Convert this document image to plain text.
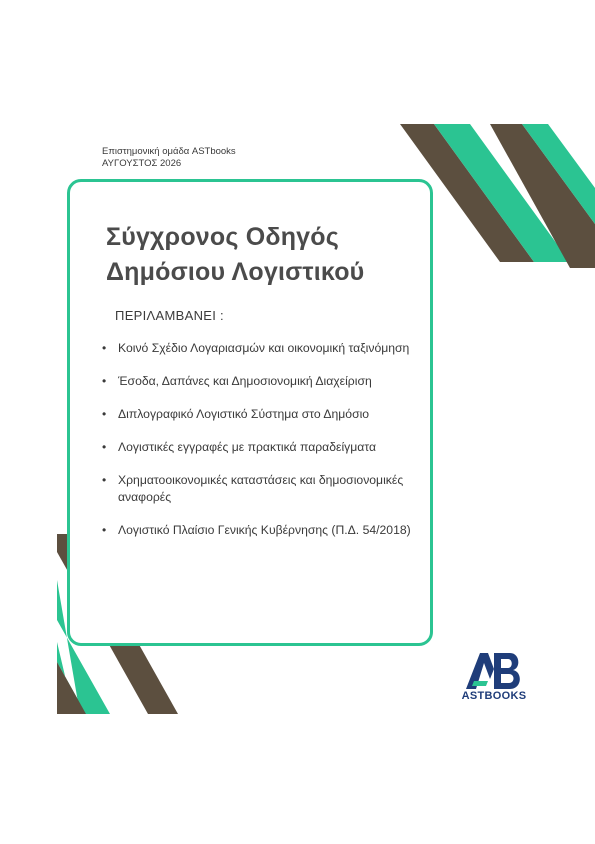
Επιστημονική ομάδα ASTbooks
ΑΥΓΟΥΣΤΟΣ 2026
Σύγχρονος Οδηγός
Δημόσιου Λογιστικού
ΠΕΡΙΛΑΜΒΑΝΕΙ :
• Κοινό Σχέδιο Λογαριασμών και οικονομική ταξινόμηση
• Έσοδα, Δαπάνες και Δημοσιονομική Διαχείριση
• Διπλογραφικό Λογιστικό Σύστημα στο Δημόσιο
• Λογιστικές εγγραφές με πρακτικά παραδείγματα
• Χρηματοοικονομικές καταστάσεις και δημοσιονομικές αναφορές
• Λογιστικό Πλαίσιο Γενικής Κυβέρνησης (Π.Δ. 54/2018)
ASTBOOKS
